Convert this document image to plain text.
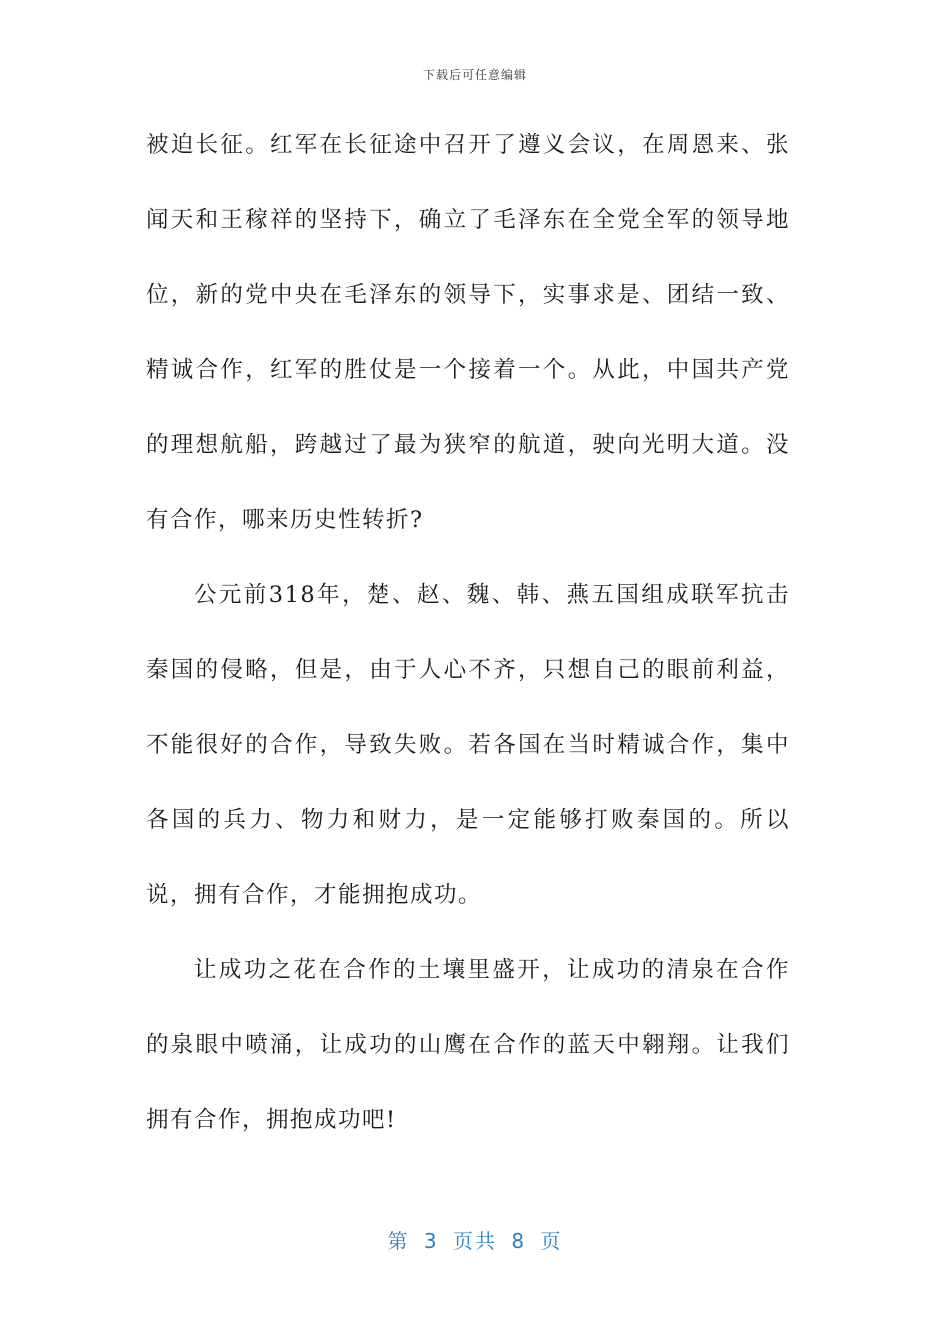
下载后可任意编辑

被迫长征。红军在长征途中召开了遵义会议，在周恩来、张闻天和王稼祥的坚持下，确立了毛泽东在全党全军的领导地位，新的党中央在毛泽东的领导下，实事求是、团结一致、精诚合作，红军的胜仗是一个接着一个。从此，中国共产党的理想航船，跨越过了最为狭窄的航道，驶向光明大道。没有合作，哪来历史性转折?

公元前318年，楚、赵、魏、韩、燕五国组成联军抗击秦国的侵略，但是，由于人心不齐，只想自己的眼前利益，不能很好的合作，导致失败。若各国在当时精诚合作，集中各国的兵力、物力和财力，是一定能够打败秦国的。所以说，拥有合作，才能拥抱成功。

让成功之花在合作的土壤里盛开，让成功的清泉在合作的泉眼中喷涌，让成功的山鹰在合作的蓝天中翱翔。让我们拥有合作，拥抱成功吧!

第 3 页共 8 页
